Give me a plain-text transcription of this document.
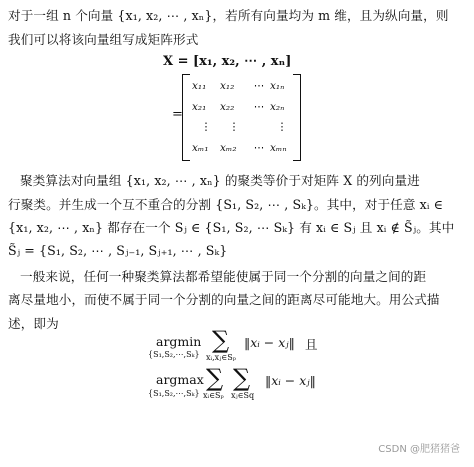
对于一组 n 个向量 {x₁, x₂, ⋯ , xₙ}，若所有向量均为 m 维，且为纵向量，则
我们可以将该向量组写成矩阵形式
X = [x₁, x₂, ⋯ , xₙ]
=
x₁₁ x₁₂ ⋯ x₁ₙ
x₂₁ x₂₂ ⋯ x₂ₙ
⋮ ⋮	⋮
xₘ₁ xₘ₂ ⋯ xₘₙ
聚类算法对向量组 {x₁, x₂, ⋯ , xₙ} 的聚类等价于对矩阵 X 的列向量进
行聚类。并生成一个互不重合的分割 {S₁, S₂, ⋯ , Sₖ}。其中，对于任意 xᵢ ∈
{x₁, x₂, ⋯ , xₙ} 都存在一个 Sⱼ ∈ {S₁, S₂, ⋯ Sₖ} 有 xᵢ ∈ Sⱼ 且 xᵢ ∉ S̃ⱼ。其中
S̃ⱼ = {S₁, S₂, ⋯ , Sⱼ₋₁, Sⱼ₊₁, ⋯ , Sₖ}
一般来说，任何一种聚类算法都希望能使属于同一个分割的向量之间的距
离尽量地小，而使不属于同一个分割的向量之间的距离尽可能地大。用公式描
述，即为
argmin
{S₁,S₂,⋯,Sₖ}
∑
xᵢ,xⱼ∈Sₚ
‖xᵢ − xⱼ‖ 且
argmax
{S₁,S₂,⋯,Sₖ}
∑
xᵢ∈Sₚ
∑
xⱼ∈Sq
‖xᵢ − xⱼ‖
CSDN @肥猪猪爸
